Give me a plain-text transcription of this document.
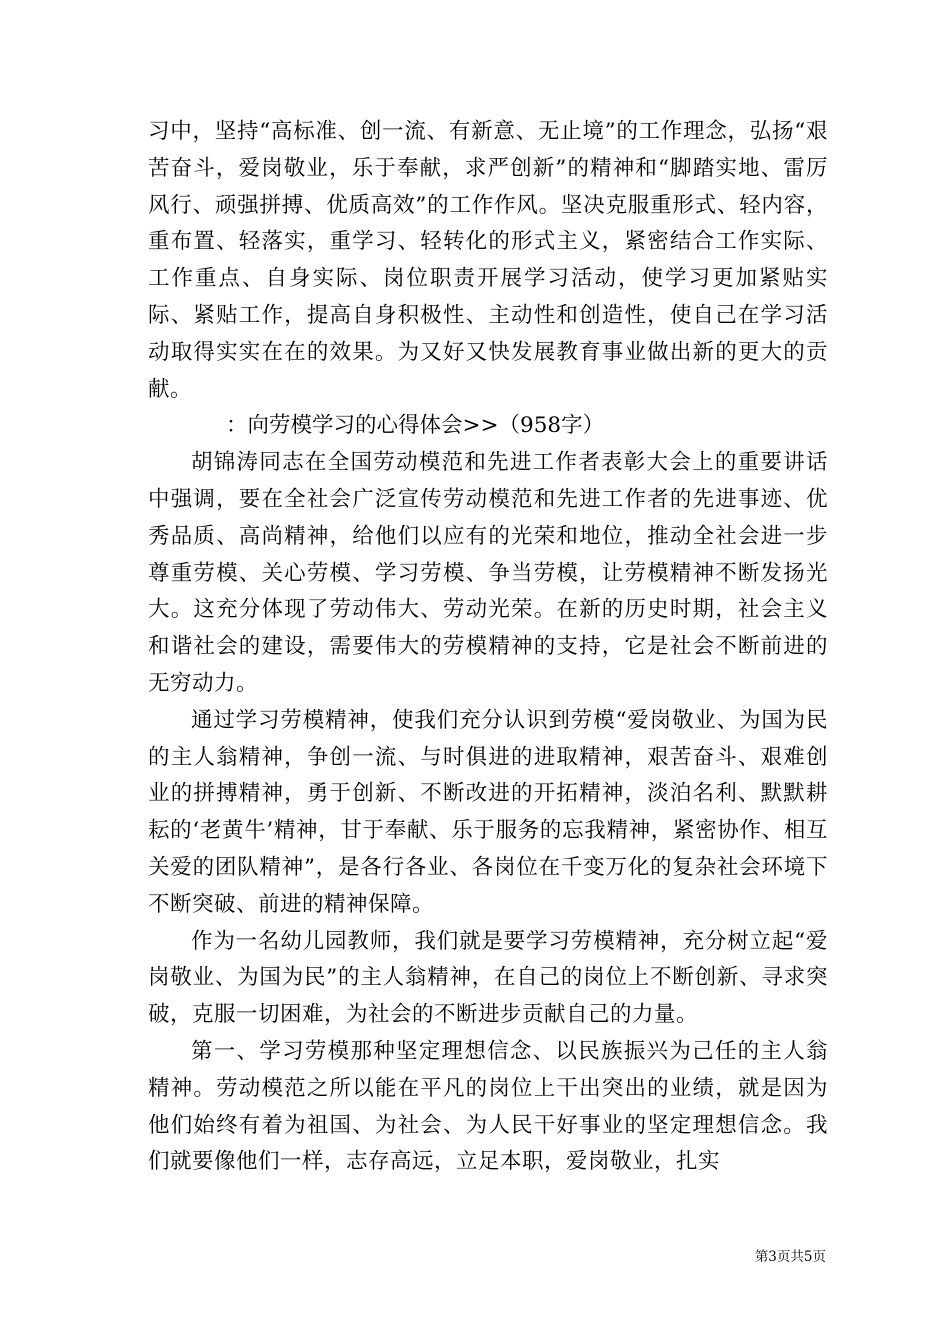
习中，坚持“高标准、创一流、有新意、无止境”的工作理念，弘扬“艰苦奋斗，爱岗敬业，乐于奉献，求严创新”的精神和“脚踏实地、雷厉风行、顽强拼搏、优质高效”的工作作风。坚决克服重形式、轻内容，重布置、轻落实，重学习、轻转化的形式主义，紧密结合工作实际、工作重点、自身实际、岗位职责开展学习活动，使学习更加紧贴实际、紧贴工作，提高自身积极性、主动性和创造性，使自己在学习活动取得实实在在的效果。为又好又快发展教育事业做出新的更大的贡献。

：向劳模学习的心得体会>>（958字）

胡锦涛同志在全国劳动模范和先进工作者表彰大会上的重要讲话中强调，要在全社会广泛宣传劳动模范和先进工作者的先进事迹、优秀品质、高尚精神，给他们以应有的光荣和地位，推动全社会进一步尊重劳模、关心劳模、学习劳模、争当劳模，让劳模精神不断发扬光大。这充分体现了劳动伟大、劳动光荣。在新的历史时期，社会主义和谐社会的建设，需要伟大的劳模精神的支持，它是社会不断前进的无穷动力。

通过学习劳模精神，使我们充分认识到劳模“爱岗敬业、为国为民的主人翁精神，争创一流、与时俱进的进取精神，艰苦奋斗、艰难创业的拼搏精神，勇于创新、不断改进的开拓精神，淡泊名利、默默耕耘的‘老黄牛’精神，甘于奉献、乐于服务的忘我精神，紧密协作、相互关爱的团队精神”，是各行各业、各岗位在千变万化的复杂社会环境下不断突破、前进的精神保障。

作为一名幼儿园教师，我们就是要学习劳模精神，充分树立起“爱岗敬业、为国为民”的主人翁精神，在自己的岗位上不断创新、寻求突破，克服一切困难，为社会的不断进步贡献自己的力量。

第一、学习劳模那种坚定理想信念、以民族振兴为己任的主人翁精神。劳动模范之所以能在平凡的岗位上干出突出的业绩，就是因为他们始终有着为祖国、为社会、为人民干好事业的坚定理想信念。我们就要像他们一样，志存高远，立足本职，爱岗敬业，扎实

第3页共5页
